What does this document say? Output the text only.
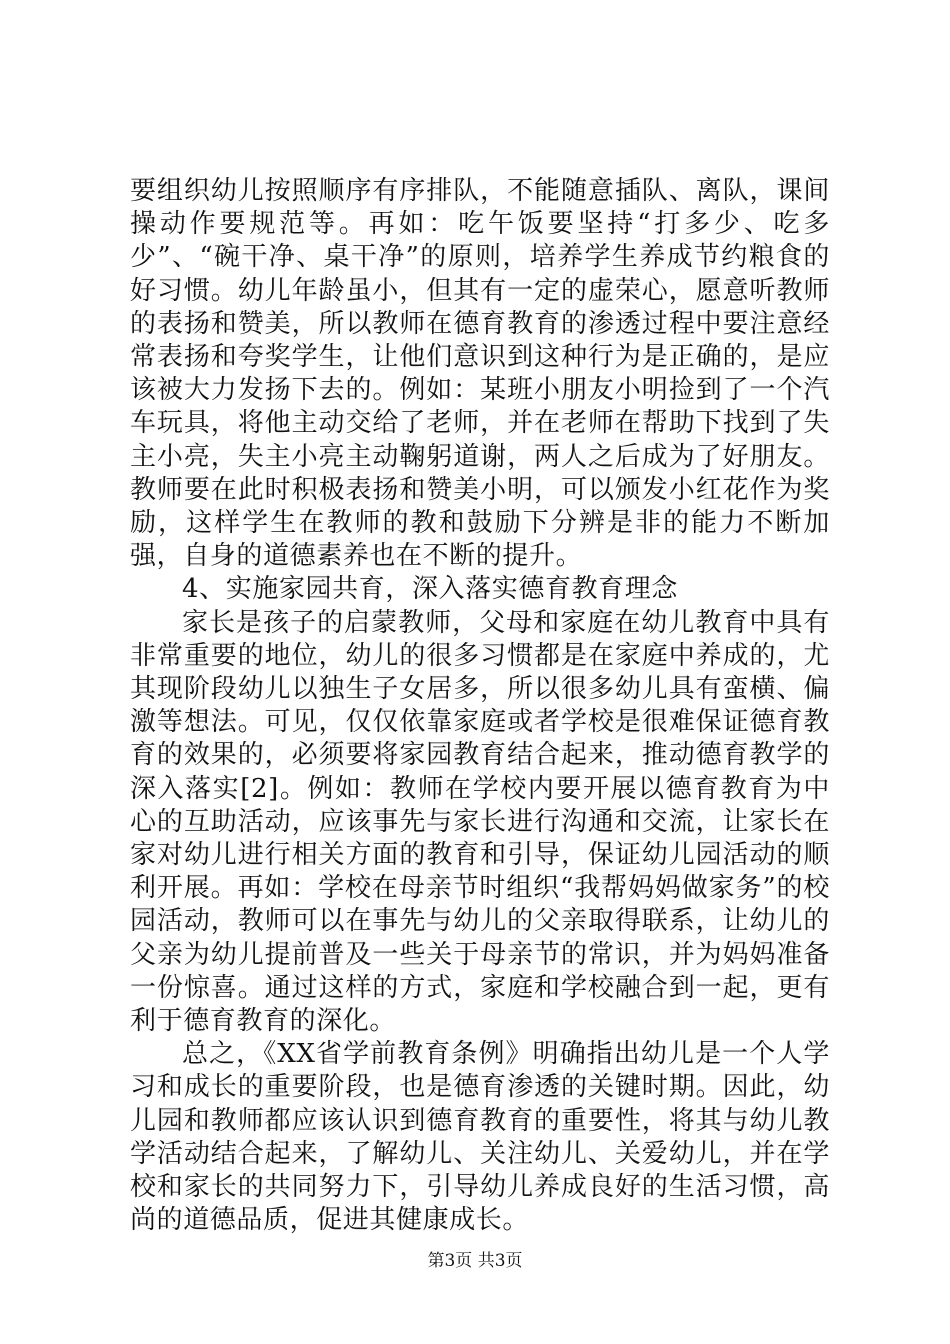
要组织幼儿按照顺序有序排队，不能随意插队、离队，课间操动作要规范等。再如：吃午饭要坚持“打多少、吃多少”、“碗干净、桌干净”的原则，培养学生养成节约粮食的好习惯。幼儿年龄虽小，但其有一定的虚荣心，愿意听教师的表扬和赞美，所以教师在德育教育的渗透过程中要注意经常表扬和夸奖学生，让他们意识到这种行为是正确的，是应该被大力发扬下去的。例如：某班小朋友小明捡到了一个汽车玩具，将他主动交给了老师，并在老师在帮助下找到了失主小亮，失主小亮主动鞠躬道谢，两人之后成为了好朋友。教师要在此时积极表扬和赞美小明，可以颁发小红花作为奖励，这样学生在教师的教和鼓励下分辨是非的能力不断加强，自身的道德素养也在不断的提升。

4、实施家园共育，深入落实德育教育理念

家长是孩子的启蒙教师，父母和家庭在幼儿教育中具有非常重要的地位，幼儿的很多习惯都是在家庭中养成的，尤其现阶段幼儿以独生子女居多，所以很多幼儿具有蛮横、偏激等想法。可见，仅仅依靠家庭或者学校是很难保证德育教育的效果的，必须要将家园教育结合起来，推动德育教学的深入落实[2]。例如：教师在学校内要开展以德育教育为中心的互助活动，应该事先与家长进行沟通和交流，让家长在家对幼儿进行相关方面的教育和引导，保证幼儿园活动的顺利开展。再如：学校在母亲节时组织“我帮妈妈做家务”的校园活动，教师可以在事先与幼儿的父亲取得联系，让幼儿的父亲为幼儿提前普及一些关于母亲节的常识，并为妈妈准备一份惊喜。通过这样的方式，家庭和学校融合到一起，更有利于德育教育的深化。

总之，《XX省学前教育条例》明确指出幼儿是一个人学习和成长的重要阶段，也是德育渗透的关键时期。因此，幼儿园和教师都应该认识到德育教育的重要性，将其与幼儿教学活动结合起来，了解幼儿、关注幼儿、关爱幼儿，并在学校和家长的共同努力下，引导幼儿养成良好的生活习惯，高尚的道德品质，促进其健康成长。

第3页 共3页
